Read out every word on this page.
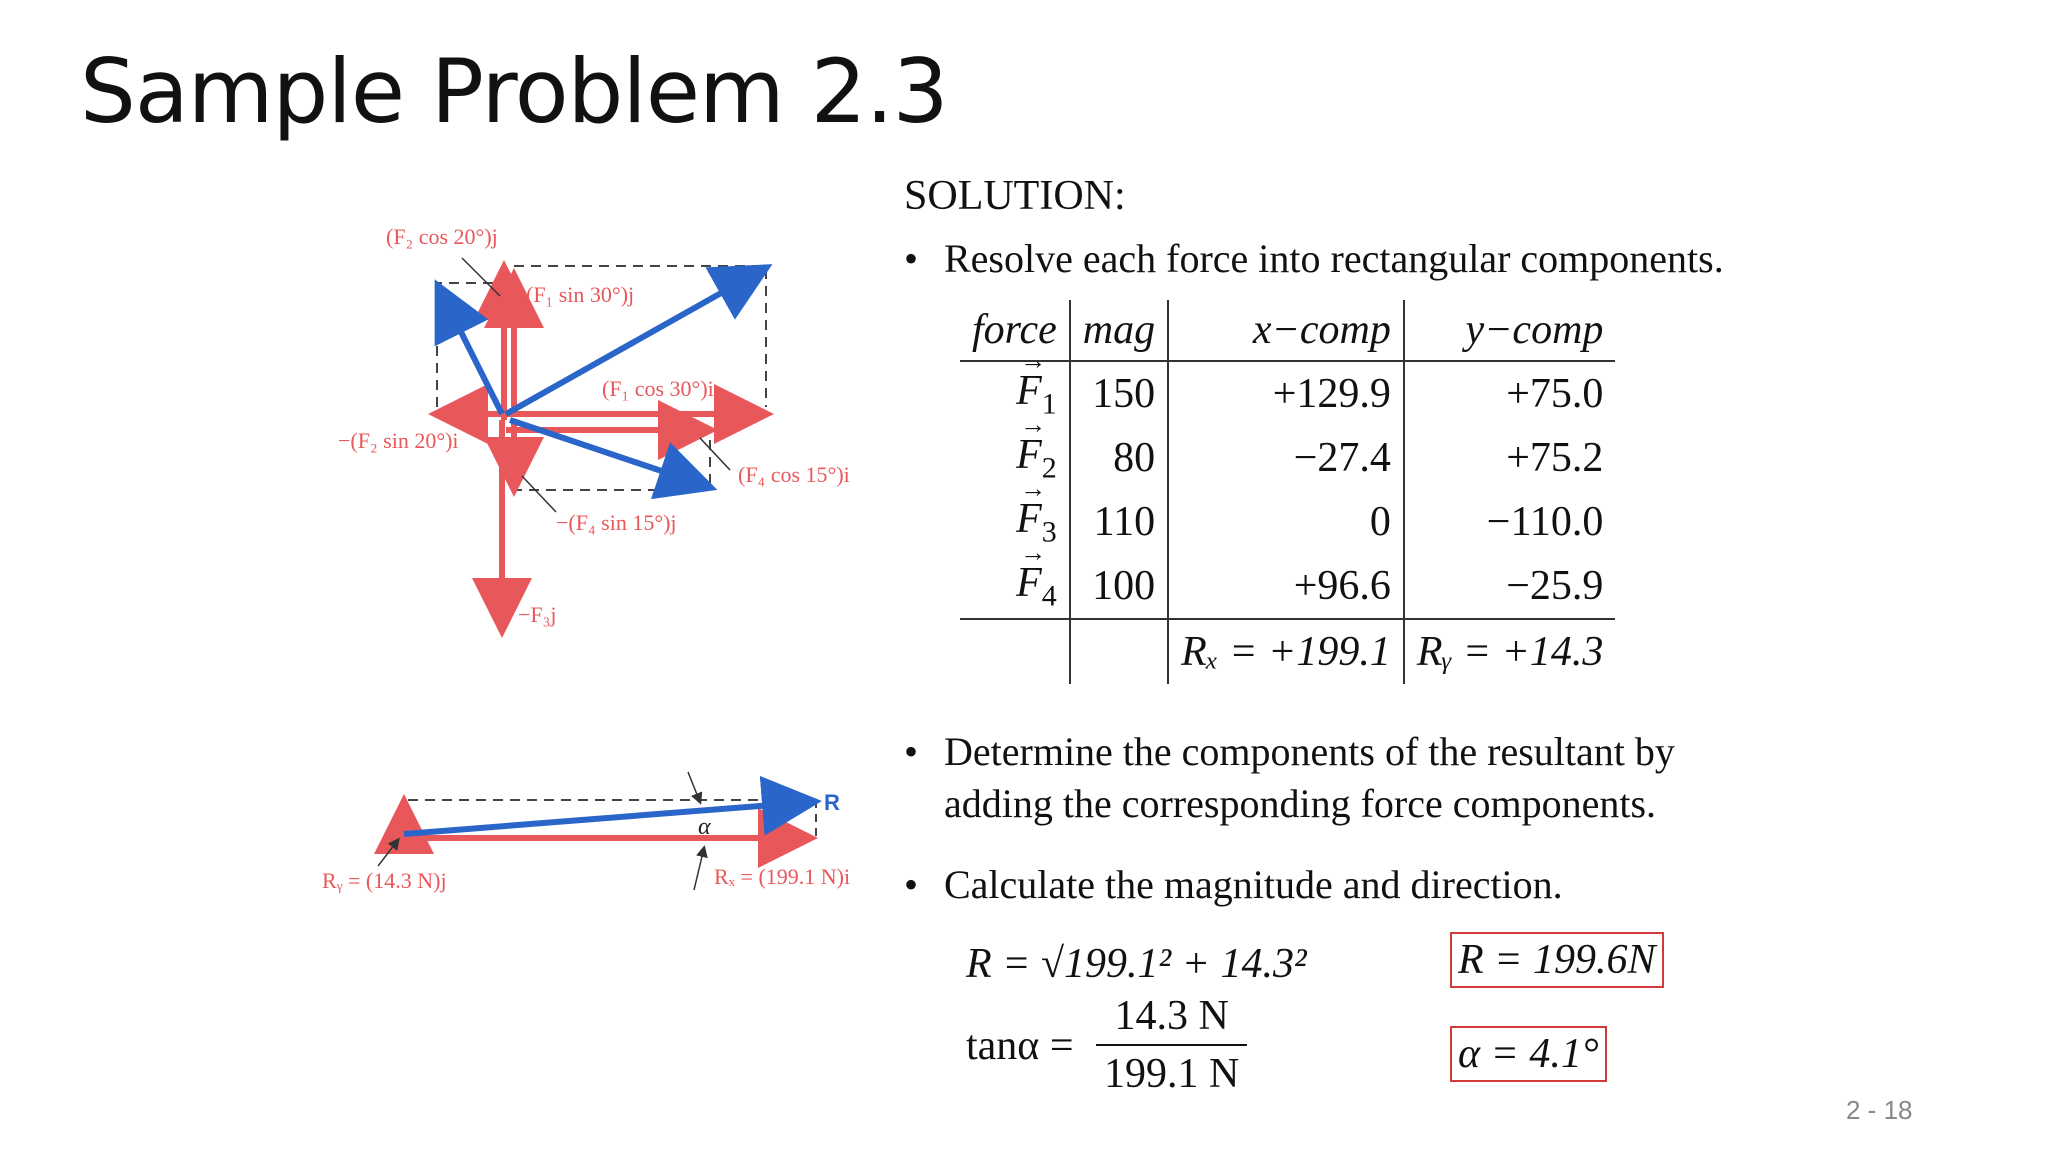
Sample Problem 2.3
(F₂ cos 20°)j
(F₁ sin 30°)j
(F₁ cos 30°)i
−(F₂ sin 20°)i
(F₄ cos 15°)i
−(F₄ sin 15°)j
−F₃j
Rᵧ = (14.3 N)j	Rₓ = (199.1 N)i
R
α
SOLUTION:
• Resolve each force into rectangular components.
force	mag	x−comp	y−comp
→ $F_1$	150	+129.9	+75.0
→ $F_2$	80	−27.4	+75.2
→ $F_3$	110	0	−110.0
→ $F_4$	100	+96.6	−25.9
		Rₓ = +199.1	Rᵧ = +14.3
• Determine the components of the resultant by
adding the corresponding force components.
• Calculate the magnitude and direction.
R = √199.1² + 14.3²
$\tan\alpha = \frac{14.3 N}{199.1 N}$
R = 199.6N
α = 4.1°
2 - 18
